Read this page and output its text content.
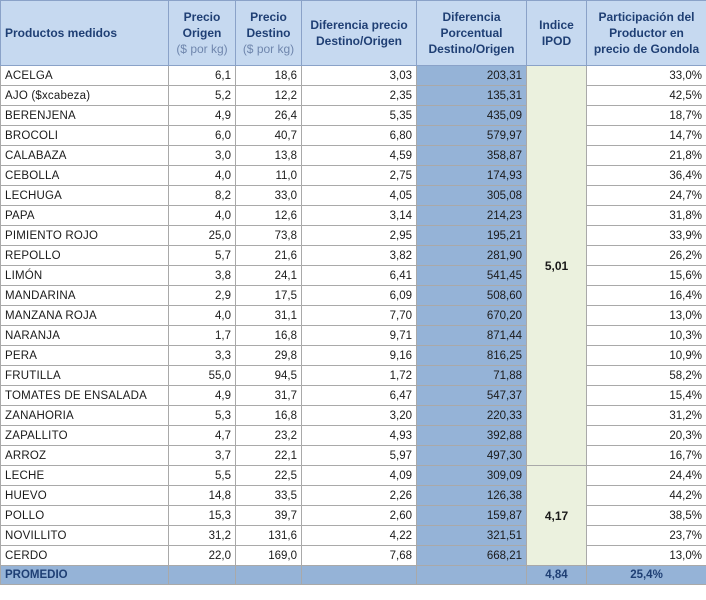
Productos medidos	Precio
Origen
($ por kg)	Precio
Destino
($ por kg)	Diferencia precio
Destino/Origen	Diferencia
Porcentual
Destino/Origen	Indice
IPOD	Participación del
Productor en
precio de Gondola

ACELGA	6,1	18,6	3,03	203,31	5,01	33,0%
AJO ($xcabeza)	5,2	12,2	2,35	135,31		42,5%
BERENJENA	4,9	26,4	5,35	435,09		18,7%
BROCOLI	6,0	40,7	6,80	579,97		14,7%
CALABAZA	3,0	13,8	4,59	358,87		21,8%
CEBOLLA	4,0	11,0	2,75	174,93		36,4%
LECHUGA	8,2	33,0	4,05	305,08		24,7%
PAPA	4,0	12,6	3,14	214,23		31,8%
PIMIENTO ROJO	25,0	73,8	2,95	195,21		33,9%
REPOLLO	5,7	21,6	3,82	281,90		26,2%
LIMÓN	3,8	24,1	6,41	541,45		15,6%
MANDARINA	2,9	17,5	6,09	508,60		16,4%
MANZANA ROJA	4,0	31,1	7,70	670,20		13,0%
NARANJA	1,7	16,8	9,71	871,44		10,3%
PERA	3,3	29,8	9,16	816,25		10,9%
FRUTILLA	55,0	94,5	1,72	71,88		58,2%
TOMATES DE ENSALADA	4,9	31,7	6,47	547,37		15,4%
ZANAHORIA	5,3	16,8	3,20	220,33		31,2%
ZAPALLITO	4,7	23,2	4,93	392,88		20,3%
ARROZ	3,7	22,1	5,97	497,30		16,7%
LECHE	5,5	22,5	4,09	309,09	4,17	24,4%
HUEVO	14,8	33,5	2,26	126,38		44,2%
POLLO	15,3	39,7	2,60	159,87		38,5%
NOVILLITO	31,2	131,6	4,22	321,51		23,7%
CERDO	22,0	169,0	7,68	668,21		13,0%
PROMEDIO					4,84	25,4%
